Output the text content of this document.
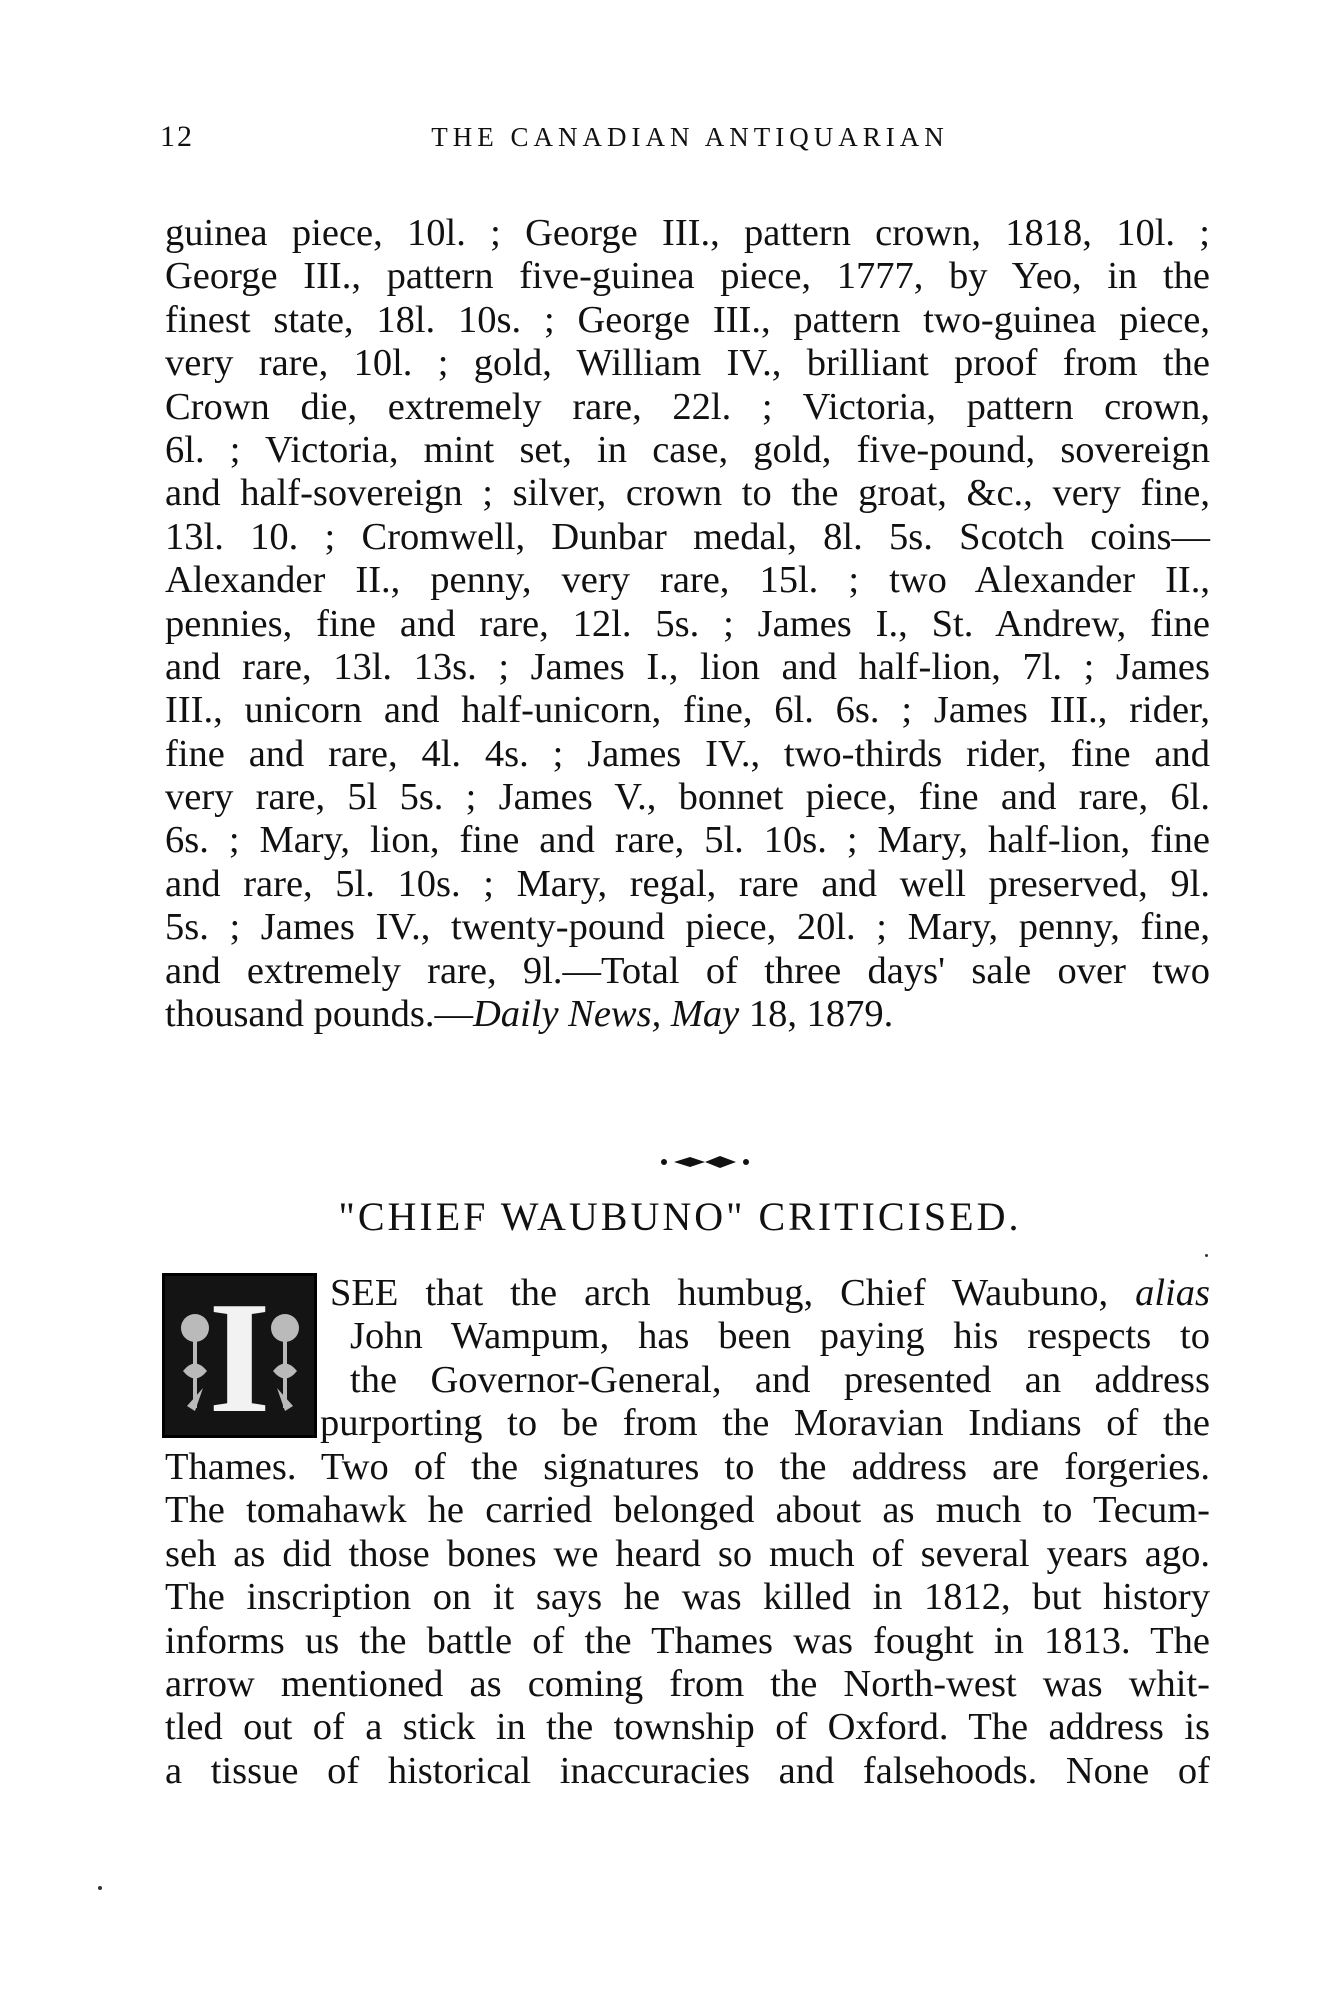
12	THE CANADIAN ANTIQUARIAN
guinea piece, 10l. ; George III., pattern crown, 1818, 10l. ;
George III., pattern five-guinea piece, 1777, by Yeo, in the
finest state, 18l. 10s. ; George III., pattern two-guinea piece,
very rare, 10l. ; gold, William IV., brilliant proof from the
Crown die, extremely rare, 22l. ; Victoria, pattern crown,
6l. ; Victoria, mint set, in case, gold, five-pound, sovereign
and half-sovereign ; silver, crown to the groat, &c., very fine,
13l. 10. ; Cromwell, Dunbar medal, 8l. 5s. Scotch coins—
Alexander II., penny, very rare, 15l. ; two Alexander II.,
pennies, fine and rare, 12l. 5s. ; James I., St. Andrew, fine
and rare, 13l. 13s. ; James I., lion and half-lion, 7l. ; James
III., unicorn and half-unicorn, fine, 6l. 6s. ; James III., rider,
fine and rare, 4l. 4s. ; James IV., two-thirds rider, fine and
very rare, 5l 5s. ; James V., bonnet piece, fine and rare, 6l.
6s. ; Mary, lion, fine and rare, 5l. 10s. ; Mary, half-lion, fine
and rare, 5l. 10s. ; Mary, regal, rare and well preserved, 9l.
5s. ; James IV., twenty-pound piece, 20l. ; Mary, penny, fine,
and extremely rare, 9l.—Total of three days' sale over two
thousand pounds.—Daily News, May 18, 1879.
"CHIEF WAUBUNO" CRITICISED.
I	SEE that the arch humbug, Chief Waubuno, alias
John Wampum, has been paying his respects to
the Governor-General, and presented an address
purporting to be from the Moravian Indians of the
Thames. Two of the signatures to the address are forgeries.
The tomahawk he carried belonged about as much to Tecum-
seh as did those bones we heard so much of several years ago.
The inscription on it says he was killed in 1812, but history
informs us the battle of the Thames was fought in 1813. The
arrow mentioned as coming from the North-west was whit-
tled out of a stick in the township of Oxford. The address is
a tissue of historical inaccuracies and falsehoods. None of
